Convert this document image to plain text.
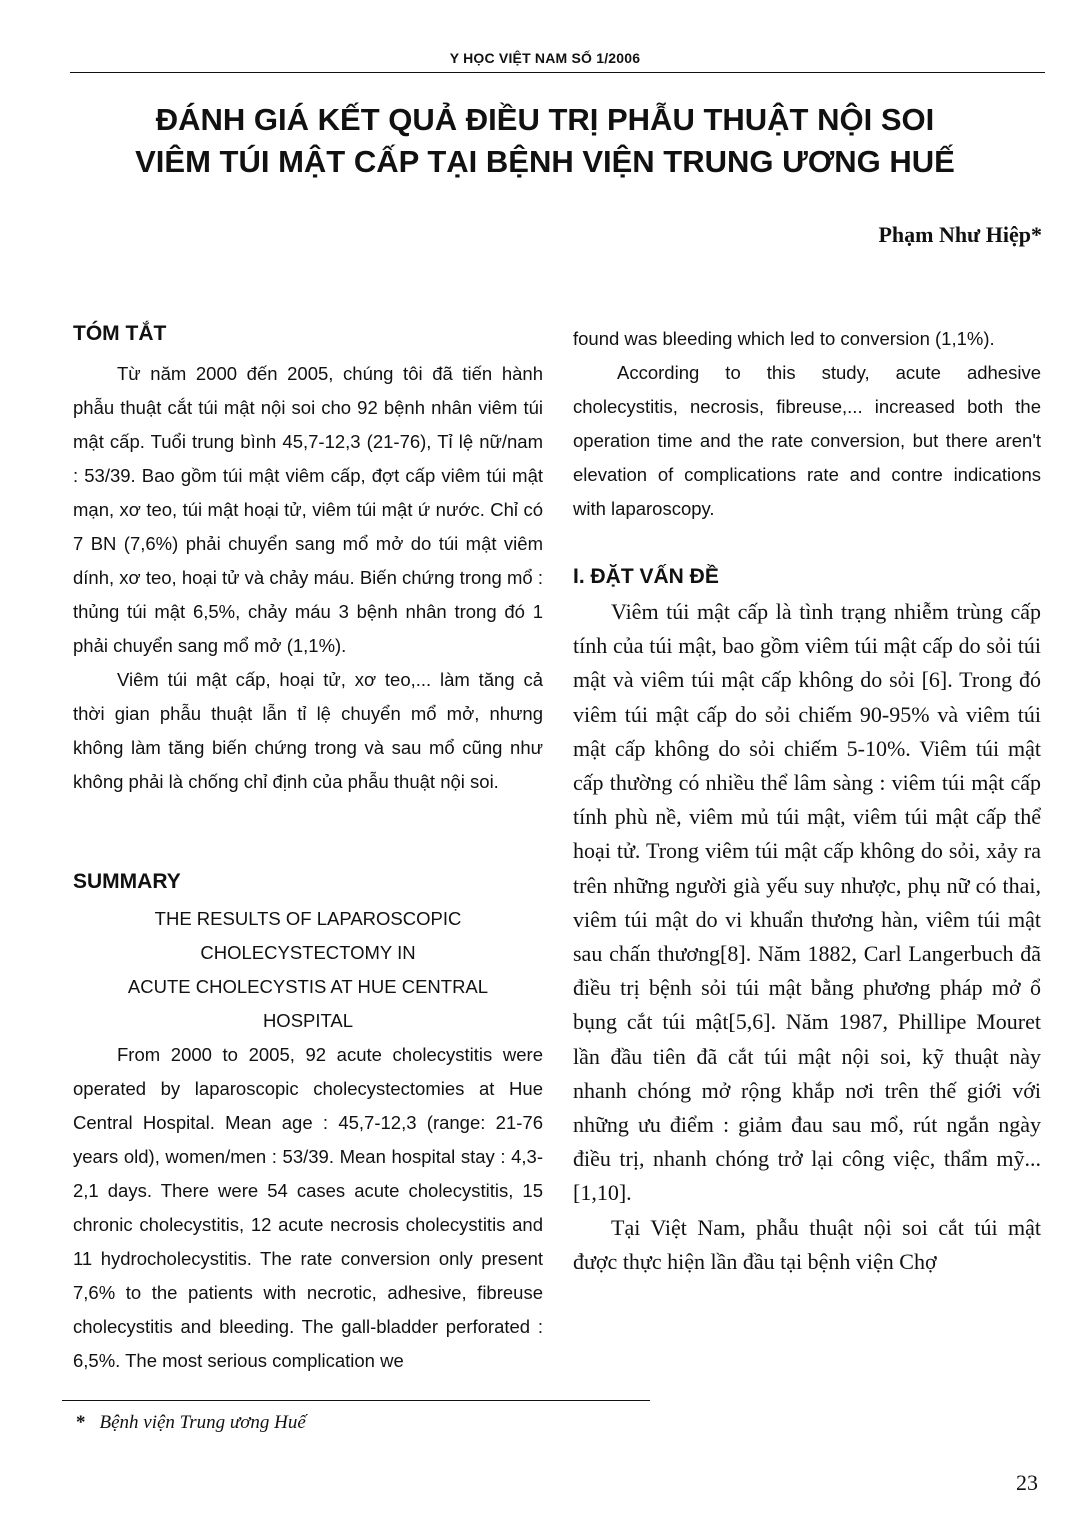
Y HỌC VIỆT NAM SỐ 1/2006
ĐÁNH GIÁ KẾT QUẢ ĐIỀU TRỊ PHẪU THUẬT NỘI SOI
VIÊM TÚI MẬT CẤP TẠI BỆNH VIỆN TRUNG ƯƠNG HUẾ
Phạm Như Hiệp*
TÓM TẮT

Từ năm 2000 đến 2005, chúng tôi đã tiến hành phẫu thuật cắt túi mật nội soi cho 92 bệnh nhân viêm túi mật cấp. Tuổi trung bình 45,7-12,3 (21-76), Tỉ lệ nữ/nam : 53/39. Bao gồm túi mật viêm cấp, đợt cấp viêm túi mật mạn, xơ teo, túi mật hoại tử, viêm túi mật ứ nước. Chỉ có 7 BN (7,6%) phải chuyển sang mổ mở do túi mật viêm dính, xơ teo, hoại tử và chảy máu. Biến chứng trong mổ : thủng túi mật 6,5%, chảy máu 3 bệnh nhân trong đó 1 phải chuyển sang mổ mở (1,1%).

Viêm túi mật cấp, hoại tử, xơ teo,... làm tăng cả thời gian phẫu thuật lẫn tỉ lệ chuyển mổ mở, nhưng không làm tăng biến chứng trong và sau mổ cũng như không phải là chống chỉ định của phẫu thuật nội soi.

SUMMARY

THE RESULTS OF LAPAROSCOPIC

CHOLECYSTECTOMY IN

ACUTE CHOLECYSTIS AT HUE CENTRAL

HOSPITAL

From 2000 to 2005, 92 acute cholecystitis were operated by laparoscopic cholecystectomies at Hue Central Hospital. Mean age : 45,7-12,3 (range: 21-76 years old), women/men : 53/39. Mean hospital stay : 4,3-2,1 days. There were 54 cases acute cholecystitis, 15 chronic cholecystitis, 12 acute necrosis cholecystitis and 11 hydrocholecystitis. The rate conversion only present 7,6% to the patients with necrotic, adhesive, fibreuse cholecystitis and bleeding. The gall-bladder perforated : 6,5%. The most serious complication we

found was bleeding which led to conversion (1,1%).

According to this study, acute adhesive cholecystitis, necrosis, fibreuse,... increased both the operation time and the rate conversion, but there aren't elevation of complications rate and contre indications with laparoscopy.

I. ĐẶT VẤN ĐỀ

Viêm túi mật cấp là tình trạng nhiễm trùng cấp tính của túi mật, bao gồm viêm túi mật cấp do sỏi túi mật và viêm túi mật cấp không do sỏi [6]. Trong đó viêm túi mật cấp do sỏi chiếm 90-95% và viêm túi mật cấp không do sỏi chiếm 5-10%. Viêm túi mật cấp thường có nhiều thể lâm sàng : viêm túi mật cấp tính phù nề, viêm mủ túi mật, viêm túi mật cấp thể hoại tử. Trong viêm túi mật cấp không do sỏi, xảy ra trên những người già yếu suy nhược, phụ nữ có thai, viêm túi mật do vi khuẩn thương hàn, viêm túi mật sau chấn thương[8]. Năm 1882, Carl Langerbuch đã điều trị bệnh sỏi túi mật bằng phương pháp mở ổ bụng cắt túi mật[5,6]. Năm 1987, Phillipe Mouret lần đầu tiên đã cắt túi mật nội soi, kỹ thuật này nhanh chóng mở rộng khắp nơi trên thế giới với những ưu điểm : giảm đau sau mổ, rút ngắn ngày điều trị, nhanh chóng trở lại công việc, thẩm mỹ...[1,10].

Tại Việt Nam, phẫu thuật nội soi cắt túi mật được thực hiện lần đầu tại bệnh viện Chợ

* Bệnh viện Trung ương Huế
23
